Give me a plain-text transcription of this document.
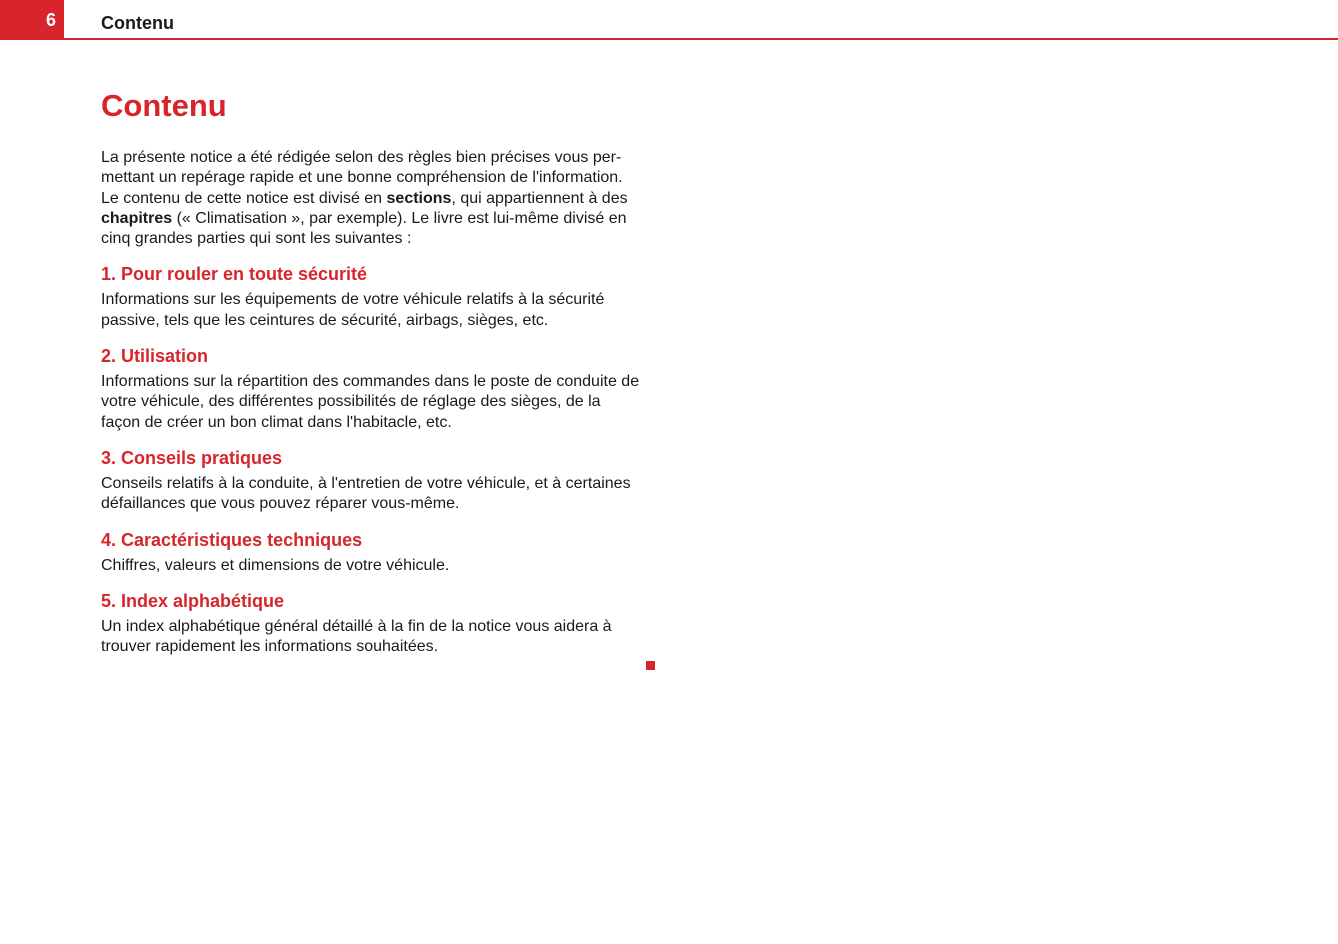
6	Contenu
Contenu

La présente notice a été rédigée selon des règles bien précises vous per-mettant un repérage rapide et une bonne compréhension de l'information. Le contenu de cette notice est divisé en sections, qui appartiennent à des chapitres (« Climatisation », par exemple). Le livre est lui-même divisé en cinq grandes parties qui sont les suivantes :

1. Pour rouler en toute sécurité

Informations sur les équipements de votre véhicule relatifs à la sécurité passive, tels que les ceintures de sécurité, airbags, sièges, etc.

2. Utilisation

Informations sur la répartition des commandes dans le poste de conduite de votre véhicule, des différentes possibilités de réglage des sièges, de la façon de créer un bon climat dans l'habitacle, etc.

3. Conseils pratiques

Conseils relatifs à la conduite, à l'entretien de votre véhicule, et à certaines défaillances que vous pouvez réparer vous-même.

4. Caractéristiques techniques

Chiffres, valeurs et dimensions de votre véhicule.

5. Index alphabétique

Un index alphabétique général détaillé à la fin de la notice vous aidera à trouver rapidement les informations souhaitées.
